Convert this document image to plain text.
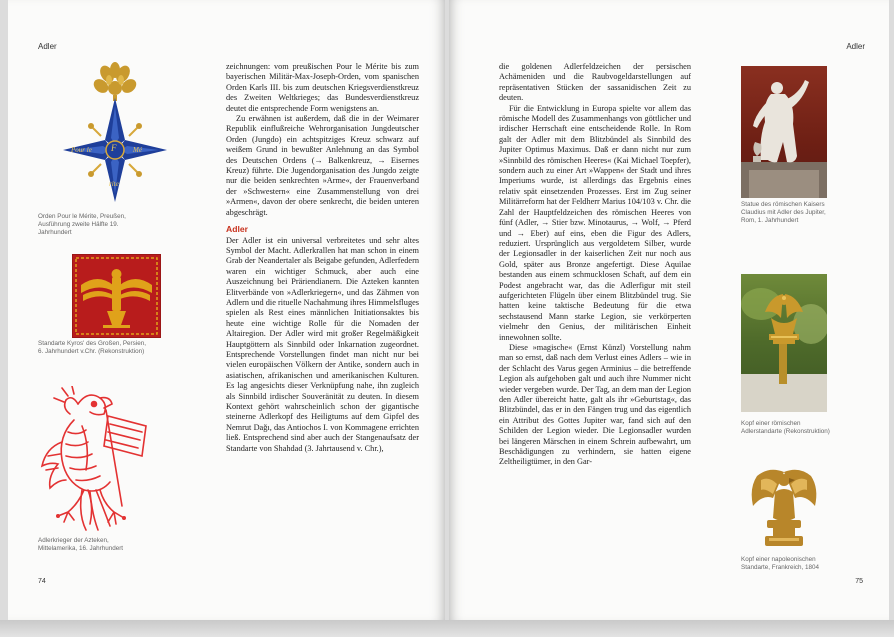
Adler
F
Pour le	Mé
rite
Orden Pour le Mérite, Preußen, Ausführung zweite Hälfte 19. Jahrhundert
Standarte Kyros' des Großen, Persien, 6. Jahrhundert v.Chr. (Rekonstruktion)
Adlerkrieger der Azteken, Mittelamerika, 16. Jahrhundert

zeichnungen: vom preußischen Pour le Mérite bis zum bayerischen Militär-Max-Joseph-Orden, vom spanischen Orden Karls III. bis zum deutschen Kriegsverdienstkreuz des Zweiten Weltkrieges; das Bundesverdienstkreuz deutet die entsprechende Form wenigstens an.

Zu erwähnen ist außerdem, daß die in der Weimarer Republik einflußreiche Wehrorganisation Jungdeutscher Orden (Jungdo) ein achtspitziges Kreuz schwarz auf weißem Grund in bewußter Anlehnung an das Symbol des Deutschen Ordens (→ Balkenkreuz, → Eisernes Kreuz) führte. Die Jugendorganisation des Jungdo zeigte nur die beiden senkrechten »Arme«, der Frauenverband der »Schwestern« eine Zusammenstellung von drei »Armen«, davon der obere senkrecht, die beiden unteren abgeschrägt.

Adler

Der Adler ist ein universal verbreitetes und sehr altes Symbol der Macht. Adlerkrallen hat man schon in einem Grab der Neandertaler als Beigabe gefunden, Adlerfedern waren ein wichtiger Schmuck, aber auch eine Auszeichnung bei Präriendianern. Die Azteken kannten Elitverbände von »Adlerkriegern«, und das Zähmen von Adlern und die rituelle Nachahmung ihres Himmelsfluges spielen als Rest eines männlichen Initiationsaktes bis heute eine wichtige Rolle für die Nomaden der Altairegion. Der Adler wird mit großer Regelmäßigkeit Hauptgöttern als Sinnbild oder Inkarnation zugeordnet. Entsprechende Vorstellungen findet man nicht nur bei vielen europäischen Völkern der Antike, sondern auch in asiatischen, afrikanischen und amerikanischen Kulturen. Es lag angesichts dieser Verknüpfung nahe, ihn zugleich als Sinnbild irdischer Souveränität zu deuten. In diesem Kontext gehört wahrscheinlich schon der gigantische steinerne Adlerkopf des Heiligtums auf dem Gipfel des Nemrut Dağı, das Antiochos I. von Kommagene errichten ließ. Entsprechend sind aber auch der Stangenaufsatz der Standarte von Shahdad (3. Jahrtausend v. Chr.),

74
Adler

die goldenen Adlerfeldzeichen der persischen Achämeniden und die Raubvogeldarstellungen auf repräsentativen Stücken der sassanidischen Zeit zu deuten.

Für die Entwicklung in Europa spielte vor allem das römische Modell des Zusammenhangs von göttlicher und irdischer Herrschaft eine entscheidende Rolle. In Rom galt der Adler mit dem Blitzbündel als Sinnbild des Jupiter Optimus Maximus. Daß er dann nicht nur zum »Sinnbild des römischen Heeres« (Kai Michael Toepfer), sondern auch zu einer Art »Wappen« der Stadt und ihres Imperiums wurde, ist allerdings das Ergebnis eines relativ spät einsetzenden Prozesses. Erst im Zug seiner Militärreform hat der Feldherr Marius 104/103 v. Chr. die Zahl der Hauptfeldzeichen des römischen Heeres von fünf (Adler, → Stier bzw. Minotaurus, → Wolf, → Pferd und → Eber) auf eins, eben die Figur des Adlers, reduziert. Ursprünglich aus vergoldetem Silber, wurde der Legionsadler in der kaiserlichen Zeit nur noch aus Gold, später aus Bronze angefertigt. Diese Aquilae bestanden aus einem schmucklosen Schaft, auf dem ein Podest angebracht war, das die Adlerfigur mit steil aufgerichteten Flügeln über einem Blitzbündel trug. Sie hatten keine taktische Bedeutung für die etwa sechstausend Mann starke Legion, sie verkörperten vielmehr den Genius, der militärischen Einheit innewohnen sollte.

Diese »magische« (Ernst Künzl) Vorstellung nahm man so ernst, daß nach dem Verlust eines Adlers – wie in der Schlacht des Varus gegen Arminius – die betreffende Legion als aufgehoben galt und auch ihre Nummer nicht wieder vergeben wurde. Der Tag, an dem man der Legion den Adler übereicht hatte, galt als ihr »Geburtstag«, das Blitzbündel, das er in den Fängen trug und das eigentlich ein Attribut des Gottes Jupiter war, fand sich auf den Schilden der Legion wieder. Die Legionsadler wurden bei längeren Märschen in einem Schrein aufbewahrt, um Beschädigungen zu verhindern, sie hatten eigene Zeltheiligtümer, in den Gar-

Statue des römischen Kaisers Claudius mit Adler des Jupiter, Rom, 1. Jahrhundert
Kopf einer römischen Adlerstandarte (Rekonstruktion)
Kopf einer napoleonischen Standarte, Frankreich, 1804
75
